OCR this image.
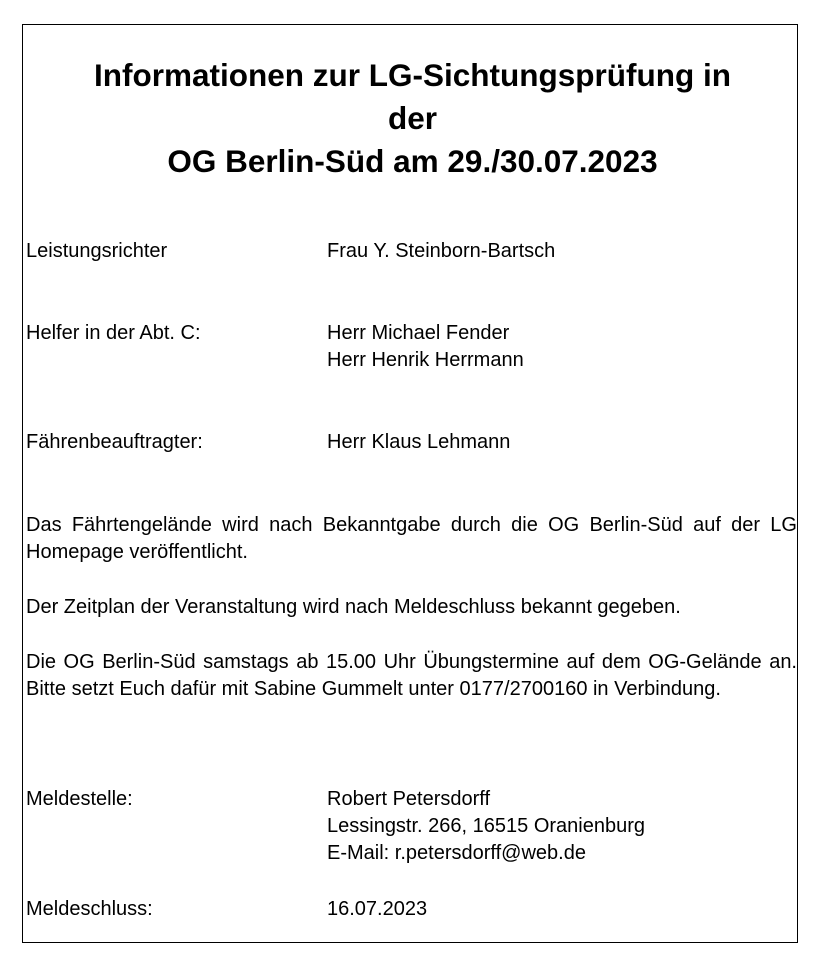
Informationen zur LG-Sichtungsprüfung in
der
OG Berlin-Süd am 29./30.07.2023
Leistungsrichter	Frau Y. Steinborn-Bartsch
Helfer in der Abt. C:	Herr Michael Fender
Herr Henrik Herrmann
Fährenbeauftragter:	Herr Klaus Lehmann

Das Fährtengelände wird nach Bekanntgabe durch die OG Berlin-Süd auf der LG Homepage veröffentlicht.

Der Zeitplan der Veranstaltung wird nach Meldeschluss bekannt gegeben.

Die OG Berlin-Süd samstags ab 15.00 Uhr Übungstermine auf dem OG-Gelände an. Bitte setzt Euch dafür mit Sabine Gummelt unter 0177/2700160 in Verbindung.

Meldestelle:	Robert Petersdorff
Lessingstr. 266, 16515 Oranienburg
E-Mail: r.petersdorff@web.de
Meldeschluss:	16.07.2023
